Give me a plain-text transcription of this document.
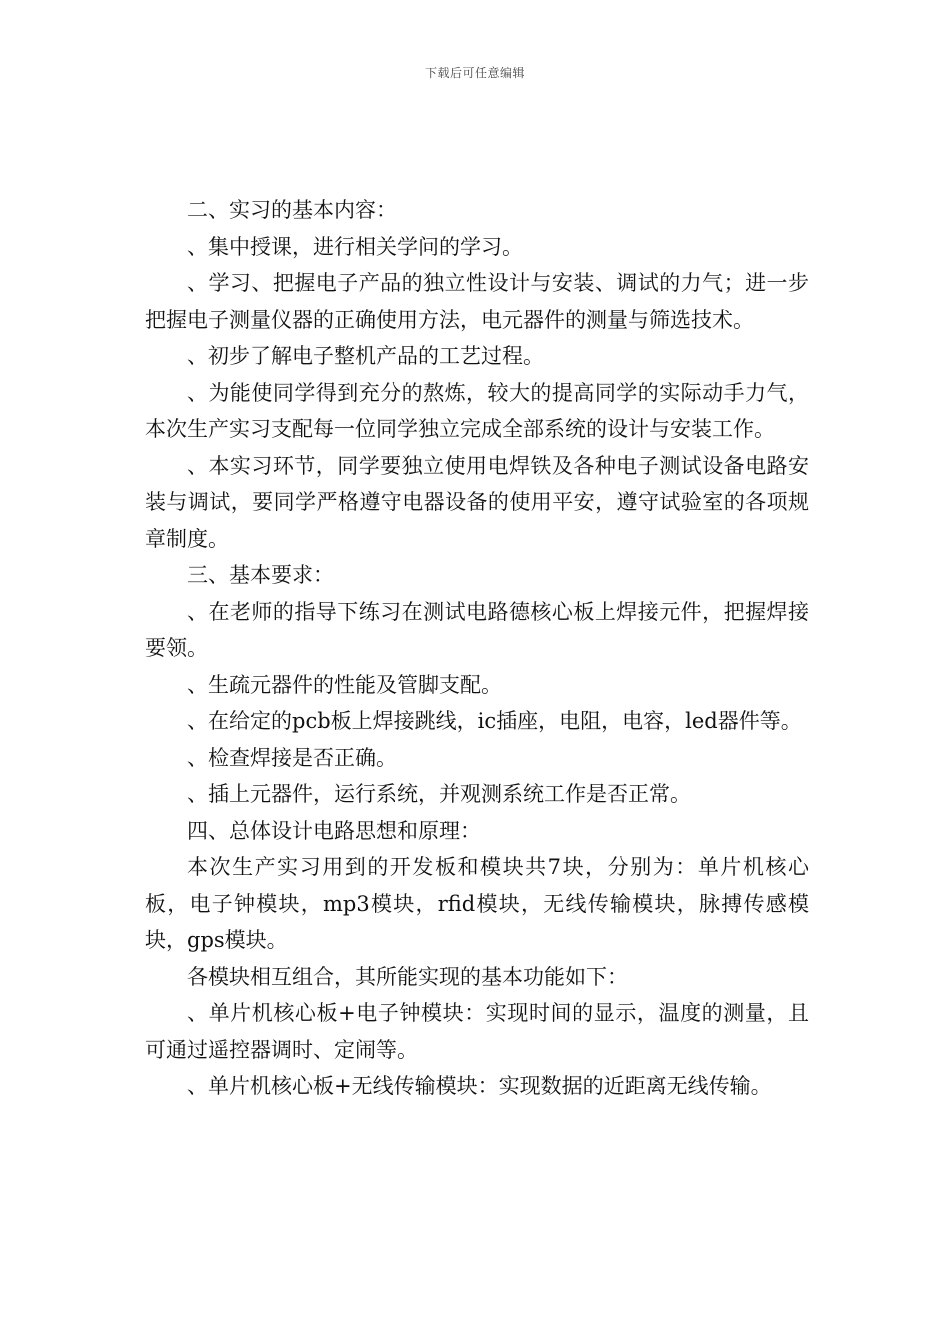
下载后可任意编辑

二、实习的基本内容：

、集中授课，进行相关学问的学习。

、学习、把握电子产品的独立性设计与安装、调试的力气；进一步把握电子测量仪器的正确使用方法，电元器件的测量与筛选技术。

、初步了解电子整机产品的工艺过程。

、为能使同学得到充分的熬炼，较大的提高同学的实际动手力气，本次生产实习支配每一位同学独立完成全部系统的设计与安装工作。

、本实习环节，同学要独立使用电焊铁及各种电子测试设备电路安装与调试，要同学严格遵守电器设备的使用平安，遵守试验室的各项规章制度。

三、基本要求：

、在老师的指导下练习在测试电路德核心板上焊接元件，把握焊接要领。

、生疏元器件的性能及管脚支配。

、在给定的pcb板上焊接跳线，ic插座，电阻，电容，led器件等。

、检查焊接是否正确。

、插上元器件，运行系统，并观测系统工作是否正常。

四、总体设计电路思想和原理：

本次生产实习用到的开发板和模块共7块，分别为：单片机核心板，电子钟模块，mp3模块，rfid模块，无线传输模块，脉搏传感模块，gps模块。

各模块相互组合，其所能实现的基本功能如下：

、单片机核心板+电子钟模块：实现时间的显示，温度的测量，且可通过遥控器调时、定闹等。

、单片机核心板+无线传输模块：实现数据的近距离无线传输。
